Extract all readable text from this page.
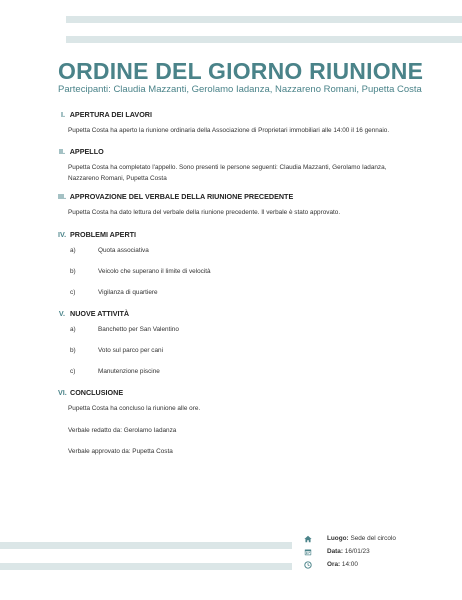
ORDINE DEL GIORNO RIUNIONE
Partecipanti: Claudia Mazzanti, Gerolamo Iadanza, Nazzareno Romani, Pupetta Costa
I. APERTURA DEI LAVORI
Pupetta Costa ha aperto la riunione ordinaria della Associazione di Proprietari immobiliari alle 14:00 il 16 gennaio.
II. APPELLO
Pupetta Costa ha completato l'appello. Sono presenti le persone seguenti: Claudia Mazzanti, Gerolamo Iadanza,
Nazzareno Romani, Pupetta Costa
III. APPROVAZIONE DEL VERBALE DELLA RIUNIONE PRECEDENTE
Pupetta Costa ha dato lettura del verbale della riunione precedente. Il verbale è stato approvato.
IV. PROBLEMI APERTI
a)	Quota associativa
b)	Veicolo che superano il limite di velocità
c)	Vigilanza di quartiere
V. NUOVE ATTIVITÀ
a)	Banchetto per San Valentino
b)	Voto sul parco per cani
c)	Manutenzione piscine
VI. CONCLUSIONE
Pupetta Costa ha concluso la riunione alle ore.
Verbale redatto da: Gerolamo Iadanza
Verbale approvato da: Pupetta Costa
Luogo: Sede del circolo
Data: 16/01/23
Ora: 14:00
